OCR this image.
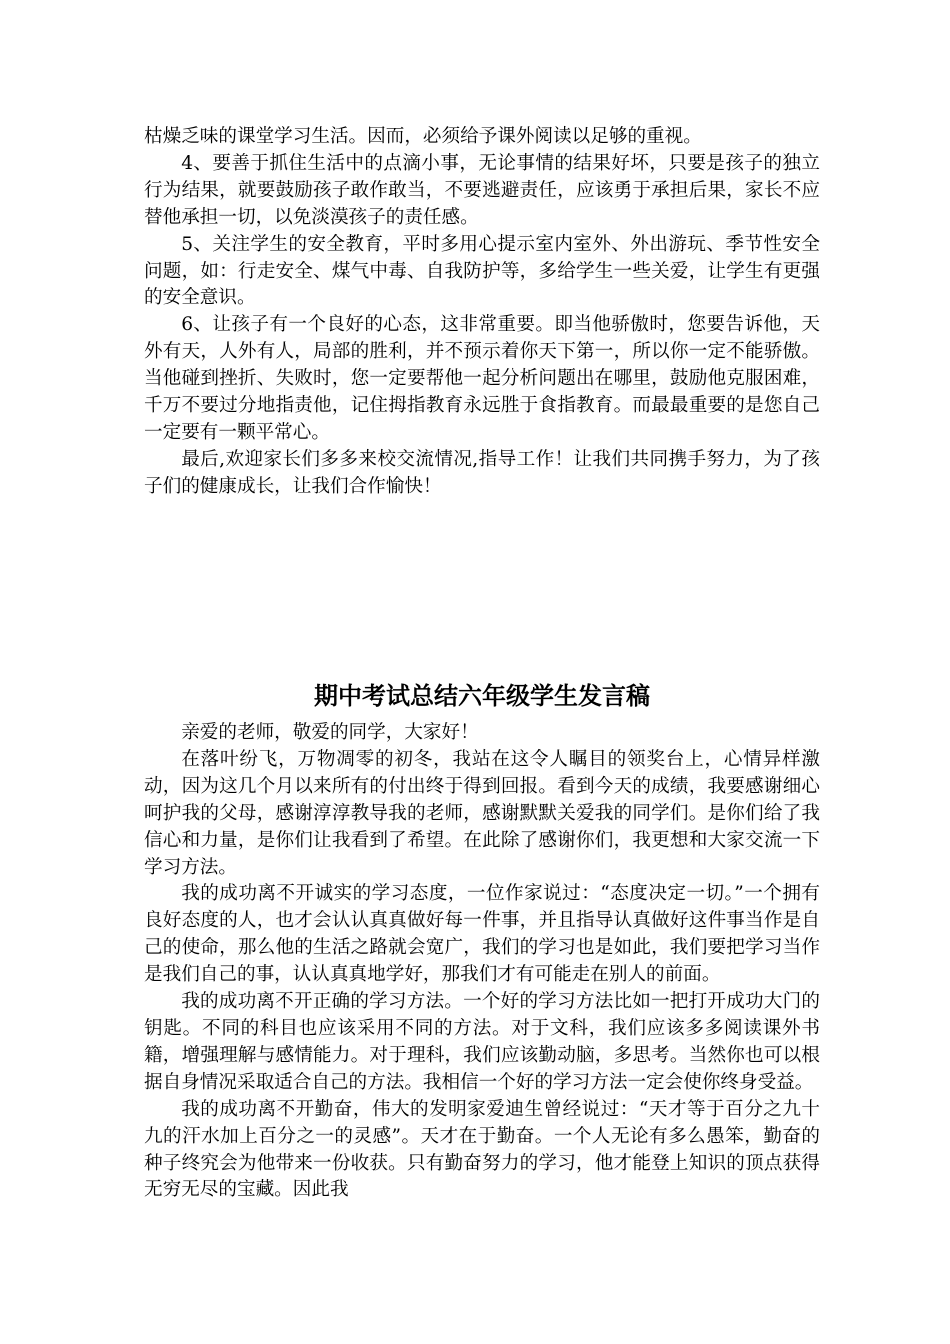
枯燥乏味的课堂学习生活。因而，必须给予课外阅读以足够的重视。

4、要善于抓住生活中的点滴小事，无论事情的结果好坏，只要是孩子的独立行为结果，就要鼓励孩子敢作敢当，不要逃避责任，应该勇于承担后果，家长不应替他承担一切，以免淡漠孩子的责任感。

5、关注学生的安全教育，平时多用心提示室内室外、外出游玩、季节性安全问题，如：行走安全、煤气中毒、自我防护等，多给学生一些关爱，让学生有更强的安全意识。

6、让孩子有一个良好的心态，这非常重要。即当他骄傲时，您要告诉他，天外有天，人外有人，局部的胜利，并不预示着你天下第一，所以你一定不能骄傲。当他碰到挫折、失败时，您一定要帮他一起分析问题出在哪里，鼓励他克服困难，千万不要过分地指责他，记住拇指教育永远胜于食指教育。而最最重要的是您自己一定要有一颗平常心。

最后,欢迎家长们多多来校交流情况,指导工作！让我们共同携手努力，为了孩子们的健康成长，让我们合作愉快！

期中考试总结六年级学生发言稿

亲爱的老师，敬爱的同学，大家好！

在落叶纷飞，万物凋零的初冬，我站在这令人瞩目的领奖台上，心情异样激动，因为这几个月以来所有的付出终于得到回报。看到今天的成绩，我要感谢细心呵护我的父母，感谢淳淳教导我的老师，感谢默默关爱我的同学们。是你们给了我信心和力量，是你们让我看到了希望。在此除了感谢你们，我更想和大家交流一下学习方法。

我的成功离不开诚实的学习态度，一位作家说过：“态度决定一切。”一个拥有良好态度的人，也才会认认真真做好每一件事，并且指导认真做好这件事当作是自己的使命，那么他的生活之路就会宽广，我们的学习也是如此，我们要把学习当作是我们自己的事，认认真真地学好，那我们才有可能走在别人的前面。

我的成功离不开正确的学习方法。一个好的学习方法比如一把打开成功大门的钥匙。不同的科目也应该采用不同的方法。对于文科，我们应该多多阅读课外书籍，增强理解与感情能力。对于理科，我们应该勤动脑，多思考。当然你也可以根据自身情况采取适合自己的方法。我相信一个好的学习方法一定会使你终身受益。

我的成功离不开勤奋，伟大的发明家爱迪生曾经说过：“天才等于百分之九十九的汗水加上百分之一的灵感”。天才在于勤奋。一个人无论有多么愚笨，勤奋的种子终究会为他带来一份收获。只有勤奋努力的学习，他才能登上知识的顶点获得无穷无尽的宝藏。因此我
